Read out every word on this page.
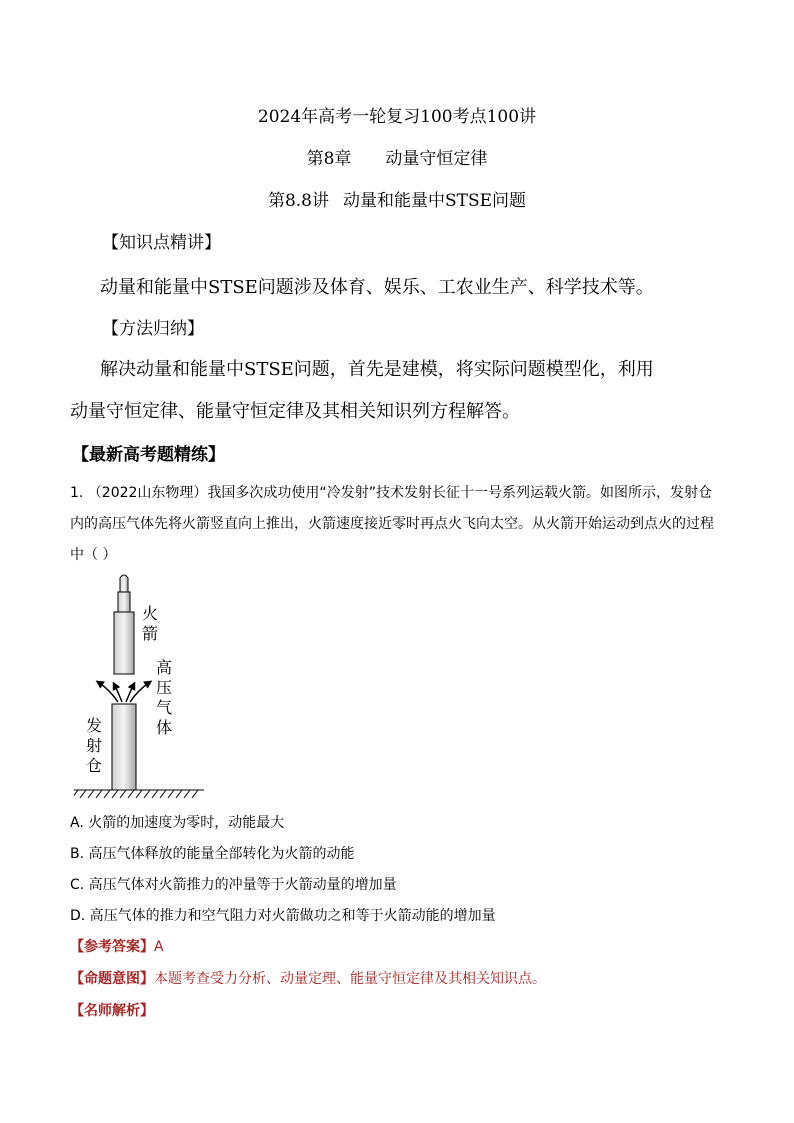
2024年高考一轮复习100考点100讲
第8章 动量守恒定律
第8.8讲 动量和能量中STSE问题
【知识点精讲】
动量和能量中STSE问题涉及体育、娱乐、工农业生产、科学技术等。
【方法归纳】
解决动量和能量中STSE问题，首先是建模，将实际问题模型化，利用
动量守恒定律、能量守恒定律及其相关知识列方程解答。
【最新高考题精练】
1. （2022山东物理）我国多次成功使用“冷发射”技术发射长征十一号系列运载火箭。如图所示，发射仓
内的高压气体先将火箭竖直向上推出，火箭速度接近零时再点火飞向太空。从火箭开始运动到点火的过程
中（ ）
火箭
高压气体
发射仓
A. 火箭的加速度为零时，动能最大
B. 高压气体释放的能量全部转化为火箭的动能
C. 高压气体对火箭推力的冲量等于火箭动量的增加量
D. 高压气体的推力和空气阻力对火箭做功之和等于火箭动能的增加量
【参考答案】A
【命题意图】本题考查受力分析、动量定理、能量守恒定律及其相关知识点。
【名师解析】
